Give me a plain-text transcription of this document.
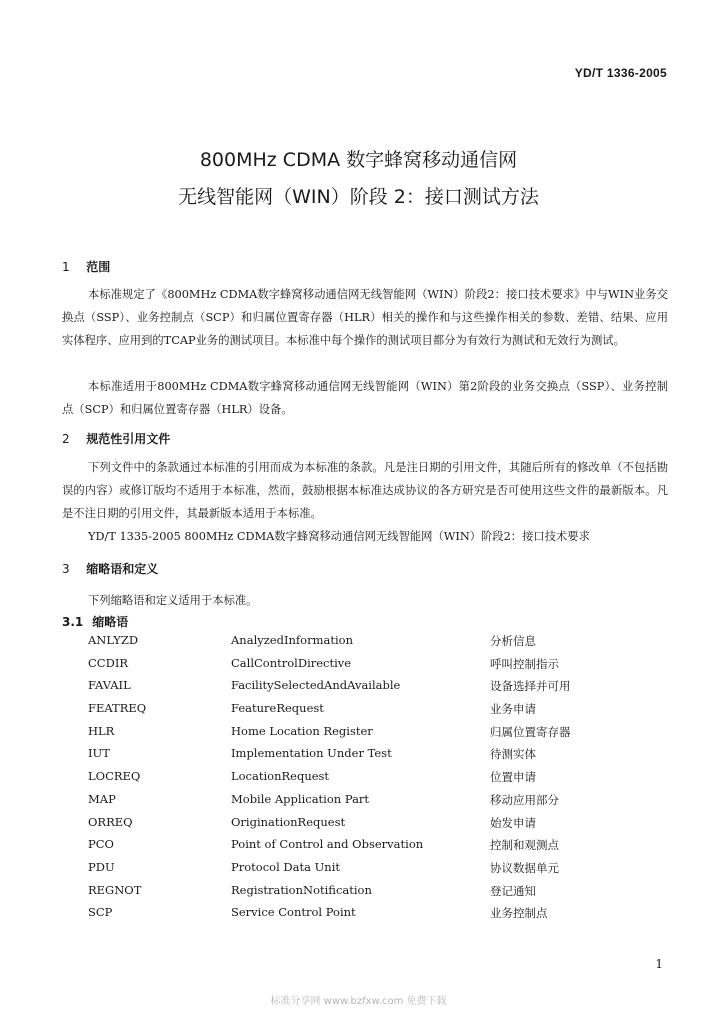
YD/T 1336-2005
800MHz CDMA 数字蜂窝移动通信网
无线智能网（WIN）阶段 2：接口测试方法
1 范围
本标准规定了《800MHz CDMA数字蜂窝移动通信网无线智能网（WIN）阶段2：接口技术要求》中与WIN业务交换点（SSP）、业务控制点（SCP）和归属位置寄存器（HLR）相关的操作和与这些操作相关的参数、差错、结果、应用实体程序、应用到的TCAP业务的测试项目。本标准中每个操作的测试项目都分为有效行为测试和无效行为测试。
本标准适用于800MHz CDMA数字蜂窝移动通信网无线智能网（WIN）第2阶段的业务交换点（SSP）、业务控制点（SCP）和归属位置寄存器（HLR）设备。
2 规范性引用文件
下列文件中的条款通过本标准的引用而成为本标准的条款。凡是注日期的引用文件，其随后所有的修改单（不包括勘误的内容）或修订版均不适用于本标准，然而，鼓励根据本标准达成协议的各方研究是否可使用这些文件的最新版本。凡是不注日期的引用文件，其最新版本适用于本标准。
YD/T 1335-2005 800MHz CDMA数字蜂窝移动通信网无线智能网（WIN）阶段2：接口技术要求
3 缩略语和定义
下列缩略语和定义适用于本标准。
3.1 缩略语
ANLYZD	AnalyzedInformation	分析信息
CCDIR	CallControlDirective	呼叫控制指示
FAVAIL	FacilitySelectedAndAvailable	设备选择并可用
FEATREQ	FeatureRequest	业务申请
HLR	Home Location Register	归属位置寄存器
IUT	Implementation Under Test	待测实体
LOCREQ	LocationRequest	位置申请
MAP	Mobile Application Part	移动应用部分
ORREQ	OriginationRequest	始发申请
PCO	Point of Control and Observation	控制和观测点
PDU	Protocol Data Unit	协议数据单元
REGNOT	RegistrationNotification	登记通知
SCP	Service Control Point	业务控制点
1
标准分享网 www.bzfxw.com 免费下载
